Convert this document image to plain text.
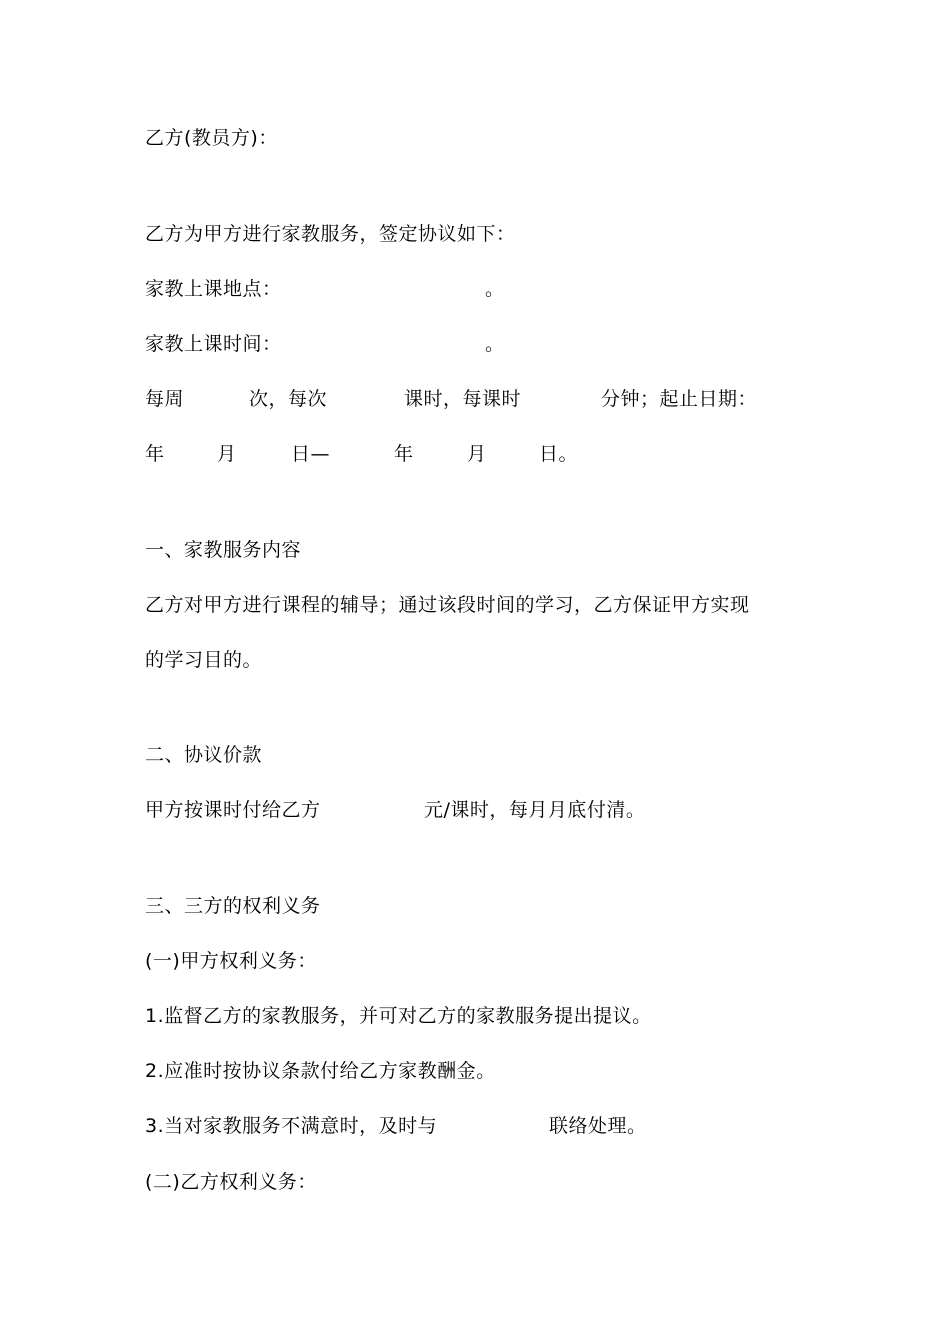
乙方(教员方)：
乙方为甲方进行家教服务，签定协议如下：
家教上课地点：	。
家教上课时间：	。
每周	次，每次	课时，每课时	分钟；起止日期：
年	月	日—	年	月	日。
一、家教服务内容
乙方对甲方进行课程的辅导；通过该段时间的学习，乙方保证甲方实现
的学习目的。
二、协议价款
甲方按课时付给乙方	元/课时，每月月底付清。
三、三方的权利义务
(一)甲方权利义务：
1.监督乙方的家教服务，并可对乙方的家教服务提出提议。
2.应准时按协议条款付给乙方家教酬金。
3.当对家教服务不满意时，及时与	联络处理。
(二)乙方权利义务：
